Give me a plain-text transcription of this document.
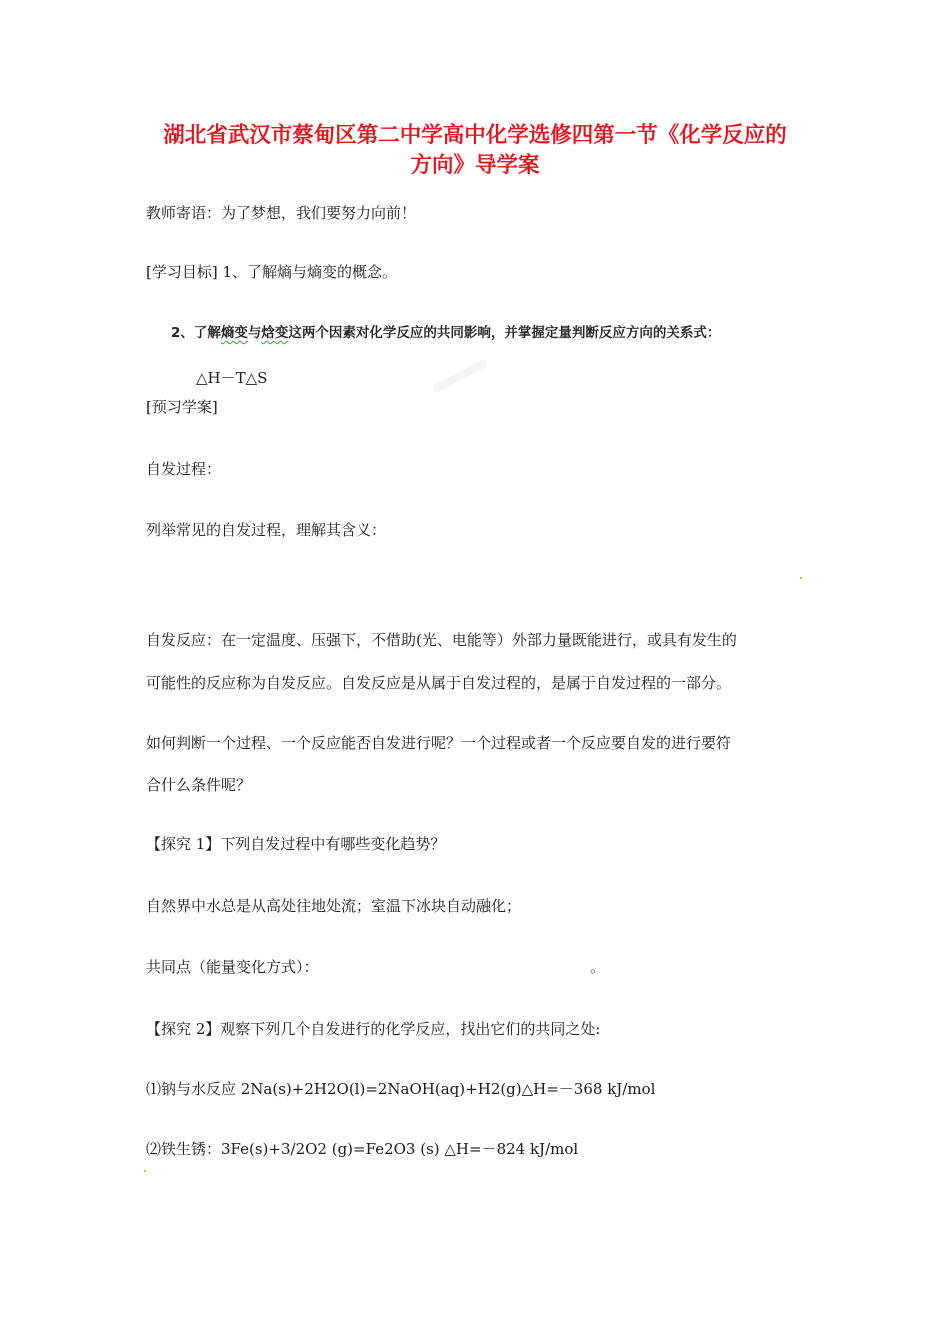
湖北省武汉市蔡甸区第二中学高中化学选修四第一节《化学反应的
方向》导学案
教师寄语：为了梦想，我们要努力向前！
[学习目标] 1、了解熵与熵变的概念。
2、了解熵变与焓变这两个因素对化学反应的共同影响，并掌握定量判断反应方向的关系式：
△H－T△S
[预习学案]
自发过程：
列举常见的自发过程，理解其含义：
自发反应：在一定温度、压强下，不借助(光、电能等）外部力量既能进行，或具有发生的
可能性的反应称为自发反应。自发反应是从属于自发过程的，是属于自发过程的一部分。
如何判断一个过程、一个反应能否自发进行呢？一个过程或者一个反应要自发的进行要符
合什么条件呢？
【探究 1】下列自发过程中有哪些变化趋势？
自然界中水总是从高处往地处流；室温下冰块自动融化；
共同点（能量变化方式）：	。
【探究 2】观察下列几个自发进行的化学反应，找出它们的共同之处:
⑴钠与水反应 2Na(s)+2H2O(l)=2NaOH(aq)+H2(g)△H=－368 kJ/mol
⑵铁生锈：3Fe(s)+3/2O2 (g)=Fe2O3 (s) △H=－824 kJ/mol
